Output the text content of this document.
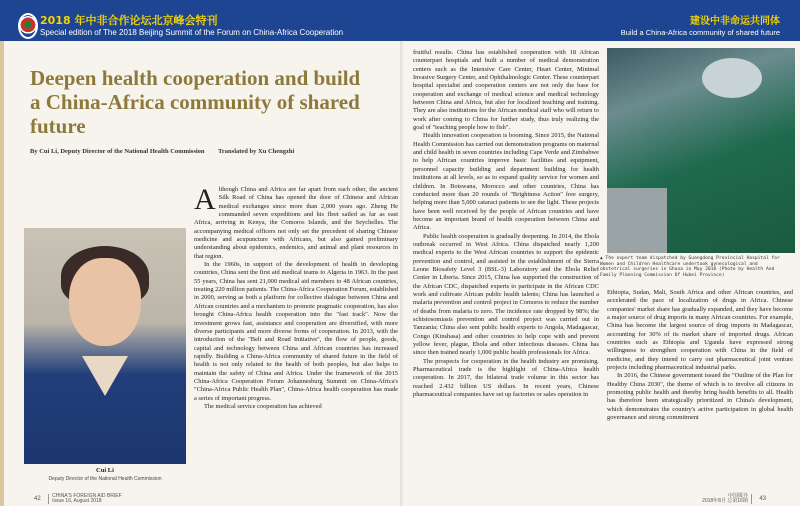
2018 年中非合作论坛北京峰会特刊
Special edition of The 2018 Beijing Summit of the Forum on China-Africa Cooperation
建设中非命运共同体
Build a China-Africa community of shared future
Deepen health cooperation and build a China-Africa community of shared future
By Cui Li, Deputy Director of the National Health Commission Translated by Xu Chengzhi
Cui Li
Deputy Director of the National Health Commission

Although China and Africa are far apart from each other, the ancient Silk Road of China has opened the door of Chinese and African medical exchanges since more than 2,000 years ago. Zheng He commanded seven expeditions and his fleet sailed as far as east Africa, arriving in Kenya, the Comoros Islands, and the Seychelles. The accompanying medical officers not only set the precedent of sharing Chinese medicine and acupuncture with Africans, but also gained preliminary understanding about epidemics, endemics, and animal and plant resources in that region.

In the 1960s, in support of the development of health in developing countries, China sent the first aid medical teams to Algeria in 1963. In the past 55 years, China has sent 21,000 medical aid members to 48 African countries, treating 220 million patients. The China-Africa Cooperation Forum, established in 2000, serving as both a platform for collective dialogue between China and African countries and a mechanism to promote pragmatic cooperation, has also brought China-Africa health cooperation into the "fast track". Now the investment grows fast, assistance and cooperation are diversified, with more diverse participants and more diverse forms of cooperation. In 2013, with the introduction of the "Belt and Road Initiative", the flow of people, goods, capital and technology between China and African countries has increased rapidly. Building a China-Africa community of shared future in the field of health is not only related to the health of both peoples, but also helps to maintain the safety of China and Africa. Under the framework of the 2015 China-Africa Cooperation Forum Johannesburg Summit on China-Africa's "China-Africa Public Health Plan", China-Africa health cooperation has made a series of important progress.

The medical service cooperation has achieved

fruitful results. China has established cooperation with 18 African counterpart hospitals and built a number of medical demonstration centers such as the Intensive Care Center, Heart Center, Minimal Invasive Surgery Center, and Ophthalmologic Center. These counterpart hospital specialist and cooperation centers are not only the base for cooperation and exchange of medical science and medical technology between China and Africa, but also for localized teaching and training. They are also institutions for the African medical staff who will return to work after coming to China for further study, thus truly realizing the goal of "teaching people how to fish".

Health innovation cooperation is booming. Since 2015, the National Health Commission has carried out demonstration programs on maternal and child health in seven countries including Cape Verde and Zimbabwe to help African countries improve basic facilities and equipment, personnel capacity building and department building for health institutions at all levels, so as to expand quality service for women and children. In Botswana, Morocco and other countries, China has conducted more than 20 rounds of "Brightness Action" free surgery, helping more than 5,000 cataract patients to see the light. These projects have been well received by the people of African countries and have become an important brand of health cooperation between China and Africa.

Public health cooperation is gradually deepening. In 2014, the Ebola outbreak occurred in West Africa. China dispatched nearly 1,200 medical experts to the West African countries to support the epidemic prevention and control, and assisted in the establishment of the Sierra Leone Biosafety Level 3 (BSL-3) Laboratory and the Ebola Relief Center in Liberia. Since 2015, China has supported the construction of the African CDC, dispatched experts to participate in the African CDC work and cultivate African public health talents; China has launched a malaria prevention and control project in Comoros to reduce the number of deaths from malaria to zero. The incidence rate dropped by 98%; the schistosomiasis prevention and control project was carried out in Tanzania; China also sent public health experts to Angola, Madagascar, Congo (Kinshasa) and other countries to help cope with and prevent yellow fever, plague, Ebola and other infectious diseases. China has since then trained nearly 1,000 public health professionals for Africa.

The prospects for cooperation in the health industry are promising. Pharmaceutical trade is the highlight of China-Africa health cooperation. In 2017, the bilateral trade volume in this sector has reached 2.432 billion US dollars. In recent years, Chinese pharmaceutical companies have set up factories or sales operation in

▲ The expert team dispatched by Guangdong Provincial Hospital for Women and Children Healthcare undertook gynecological and obstetrical surgeries in Ghana in May 2018 (Photo by Health And Family Planning Commission Of Hubei Province)

Ethiopia, Sudan, Mali, South Africa and other African countries, and accelerated the pace of localization of drugs in Africa. Chinese companies' market share has gradually expanded, and they have become a major source of drug imports in many African countries. For example, China has become the largest source of drug imports in Madagascar, accounting for 30% of its market share of imported drugs. African countries such as Ethiopia and Uganda have expressed strong willingness to strengthen cooperation with China in the field of medicine, and they intend to carry out pharmaceutical joint venture projects including pharmaceutical industrial parks.

In 2016, the Chinese government issued the "Outline of the Plan for Healthy China 2030", the theme of which is to involve all citizens in promoting public health and thereby bring health benefits to all. Health has therefore been strategically prioritized in China's development, which demonstrates the country's active participation in global health governance and strong commitment

42 CHINA'S FOREIGN AID BRIEF
Issue 16, August 2018
中国援外
2018年8月 总第16期 43
